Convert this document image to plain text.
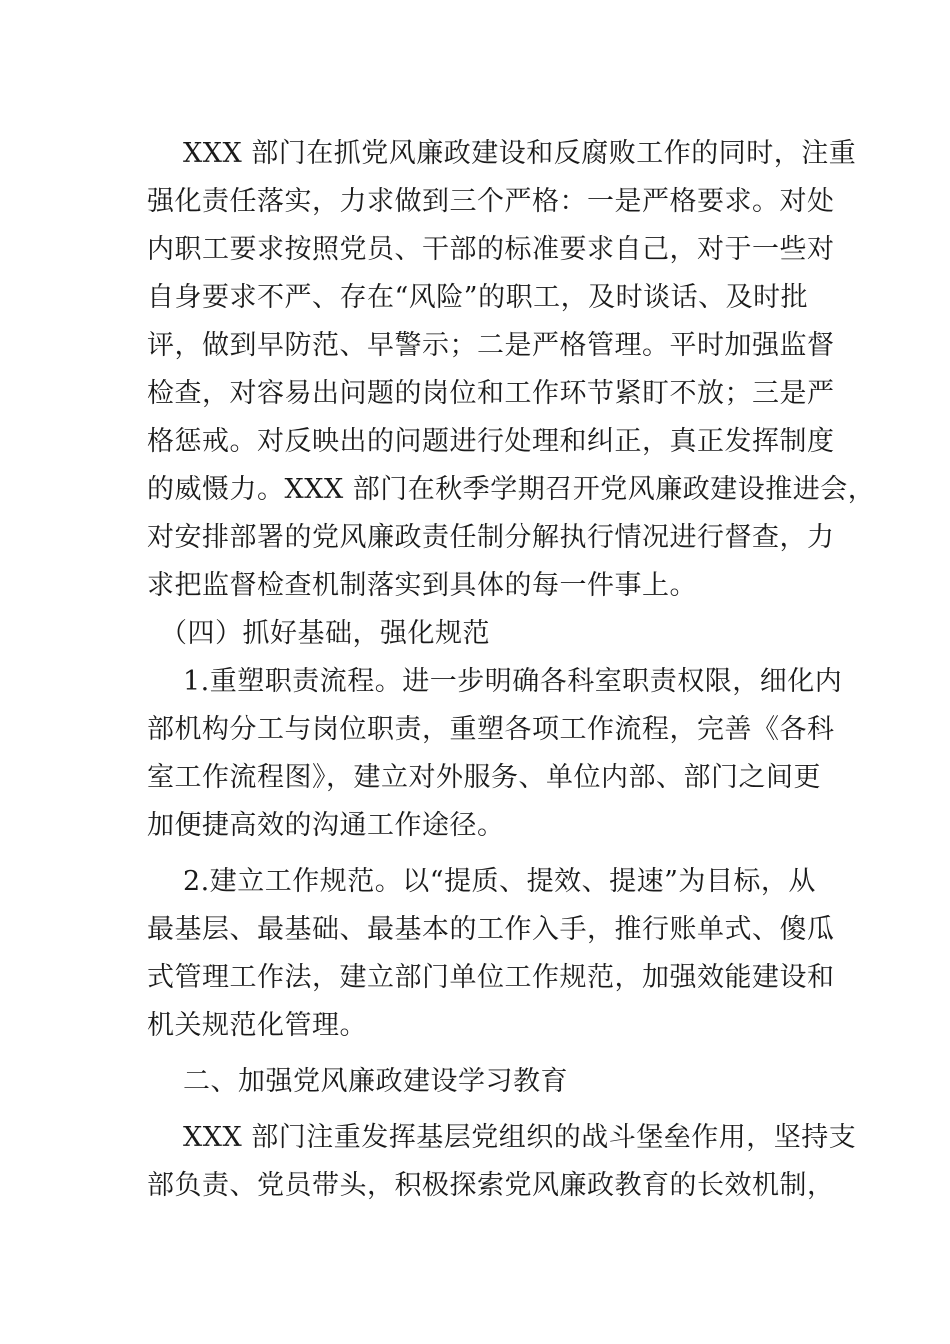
XXX 部门在抓党风廉政建设和反腐败工作的同时，注重
强化责任落实，力求做到三个严格：一是严格要求。对处
内职工要求按照党员、干部的标准要求自己，对于一些对
自身要求不严、存在“风险”的职工，及时谈话、及时批
评，做到早防范、早警示；二是严格管理。平时加强监督
检查，对容易出问题的岗位和工作环节紧盯不放；三是严
格惩戒。对反映出的问题进行处理和纠正，真正发挥制度
的威慑力。XXX 部门在秋季学期召开党风廉政建设推进会，
对安排部署的党风廉政责任制分解执行情况进行督查，力
求把监督检查机制落实到具体的每一件事上。
（四）抓好基础，强化规范
1.重塑职责流程。进一步明确各科室职责权限，细化内
部机构分工与岗位职责，重塑各项工作流程，完善《各科
室工作流程图》，建立对外服务、单位内部、部门之间更
加便捷高效的沟通工作途径。
2.建立工作规范。以“提质、提效、提速”为目标，从
最基层、最基础、最基本的工作入手，推行账单式、傻瓜
式管理工作法，建立部门单位工作规范，加强效能建设和
机关规范化管理。
二、加强党风廉政建设学习教育
XXX 部门注重发挥基层党组织的战斗堡垒作用，坚持支
部负责、党员带头，积极探索党风廉政教育的长效机制，
